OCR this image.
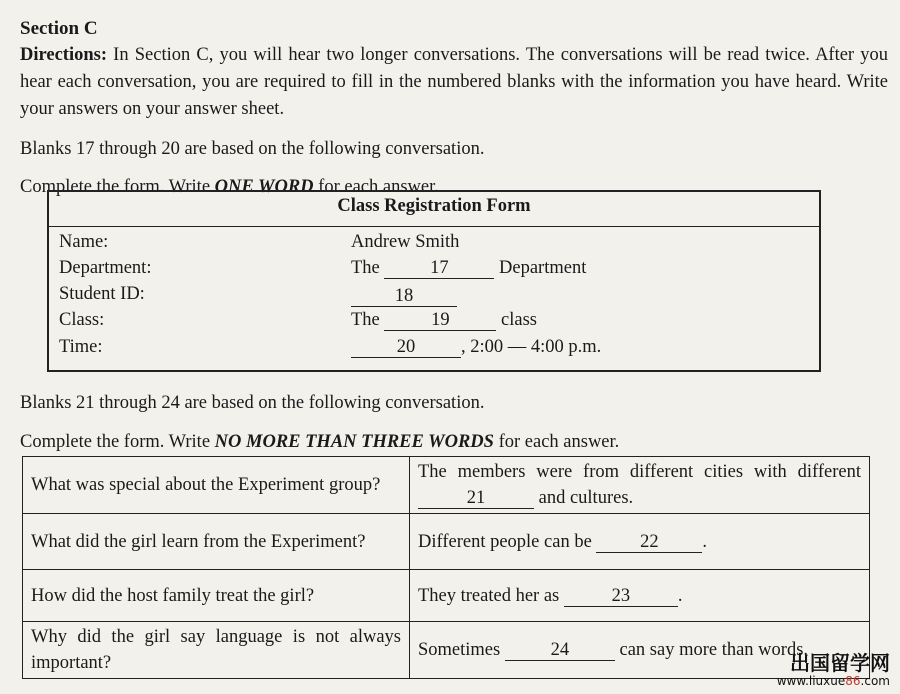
Section C
Directions: In Section C, you will hear two longer conversations. The conversations will be read twice. After you hear each conversation, you are required to fill in the numbered blanks with the information you have heard. Write your answers on your answer sheet.
Blanks 17 through 20 are based on the following conversation.
Complete the form. Write ONE WORD for each answer.
Class Registration Form
Name:	Andrew Smith
Department:	The	17	Department
Student ID:	18
Class:	The	19	class
Time:	20 , 2:00 — 4:00 p.m.
Blanks 21 through 24 are based on the following conversation.
Complete the form. Write NO MORE THAN THREE WORDS for each answer.
What was special about the Experiment group?	The members were from different cities with different 21 and cultures.
What did the girl learn from the Experiment?	Different people can be 22 .
How did the host family treat the girl?	They treated her as 23 .
Why did the girl say language is not always important?	Sometimes 24 can say more than words.
出国留学网
www.liuxue86.com
